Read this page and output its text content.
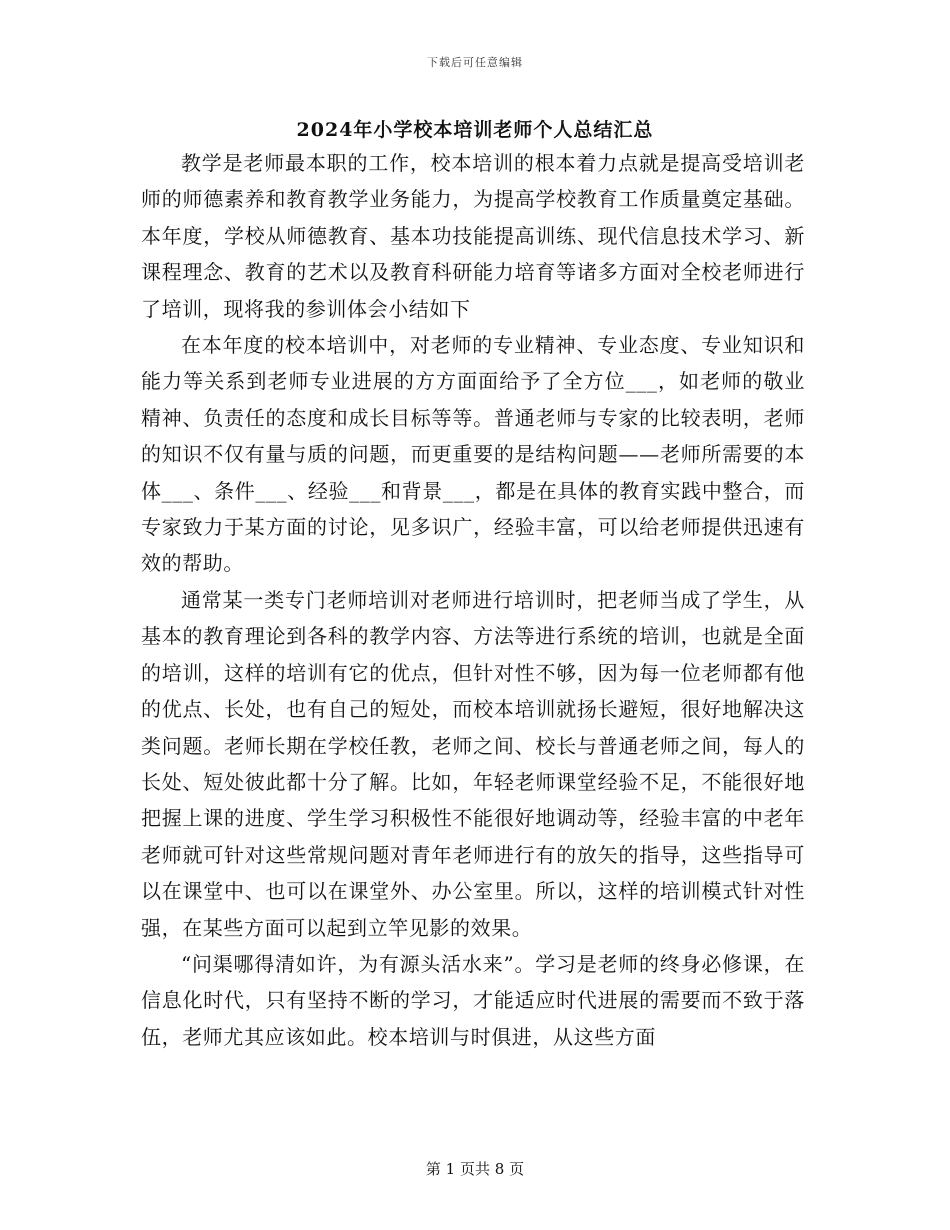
下载后可任意编辑
2024年小学校本培训老师个人总结汇总

教学是老师最本职的工作，校本培训的根本着力点就是提高受培训老师的师德素养和教育教学业务能力，为提高学校教育工作质量奠定基础。本年度，学校从师德教育、基本功技能提高训练、现代信息技术学习、新课程理念、教育的艺术以及教育科研能力培育等诸多方面对全校老师进行了培训，现将我的参训体会小结如下

在本年度的校本培训中，对老师的专业精神、专业态度、专业知识和能力等关系到老师专业进展的方方面面给予了全方位___，如老师的敬业精神、负责任的态度和成长目标等等。普通老师与专家的比较表明，老师的知识不仅有量与质的问题，而更重要的是结构问题——老师所需要的本体___、条件___、经验___和背景___，都是在具体的教育实践中整合，而专家致力于某方面的讨论，见多识广，经验丰富，可以给老师提供迅速有效的帮助。

通常某一类专门老师培训对老师进行培训时，把老师当成了学生，从基本的教育理论到各科的教学内容、方法等进行系统的培训，也就是全面的培训，这样的培训有它的优点，但针对性不够，因为每一位老师都有他的优点、长处，也有自己的短处，而校本培训就扬长避短，很好地解决这类问题。老师长期在学校任教，老师之间、校长与普通老师之间，每人的长处、短处彼此都十分了解。比如，年轻老师课堂经验不足，不能很好地把握上课的进度、学生学习积极性不能很好地调动等，经验丰富的中老年老师就可针对这些常规问题对青年老师进行有的放矢的指导，这些指导可以在课堂中、也可以在课堂外、办公室里。所以，这样的培训模式针对性强，在某些方面可以起到立竿见影的效果。

“问渠哪得清如许，为有源头活水来”。学习是老师的终身必修课，在信息化时代，只有坚持不断的学习，才能适应时代进展的需要而不致于落伍，老师尤其应该如此。校本培训与时俱进，从这些方面

第 1 页共 8 页
